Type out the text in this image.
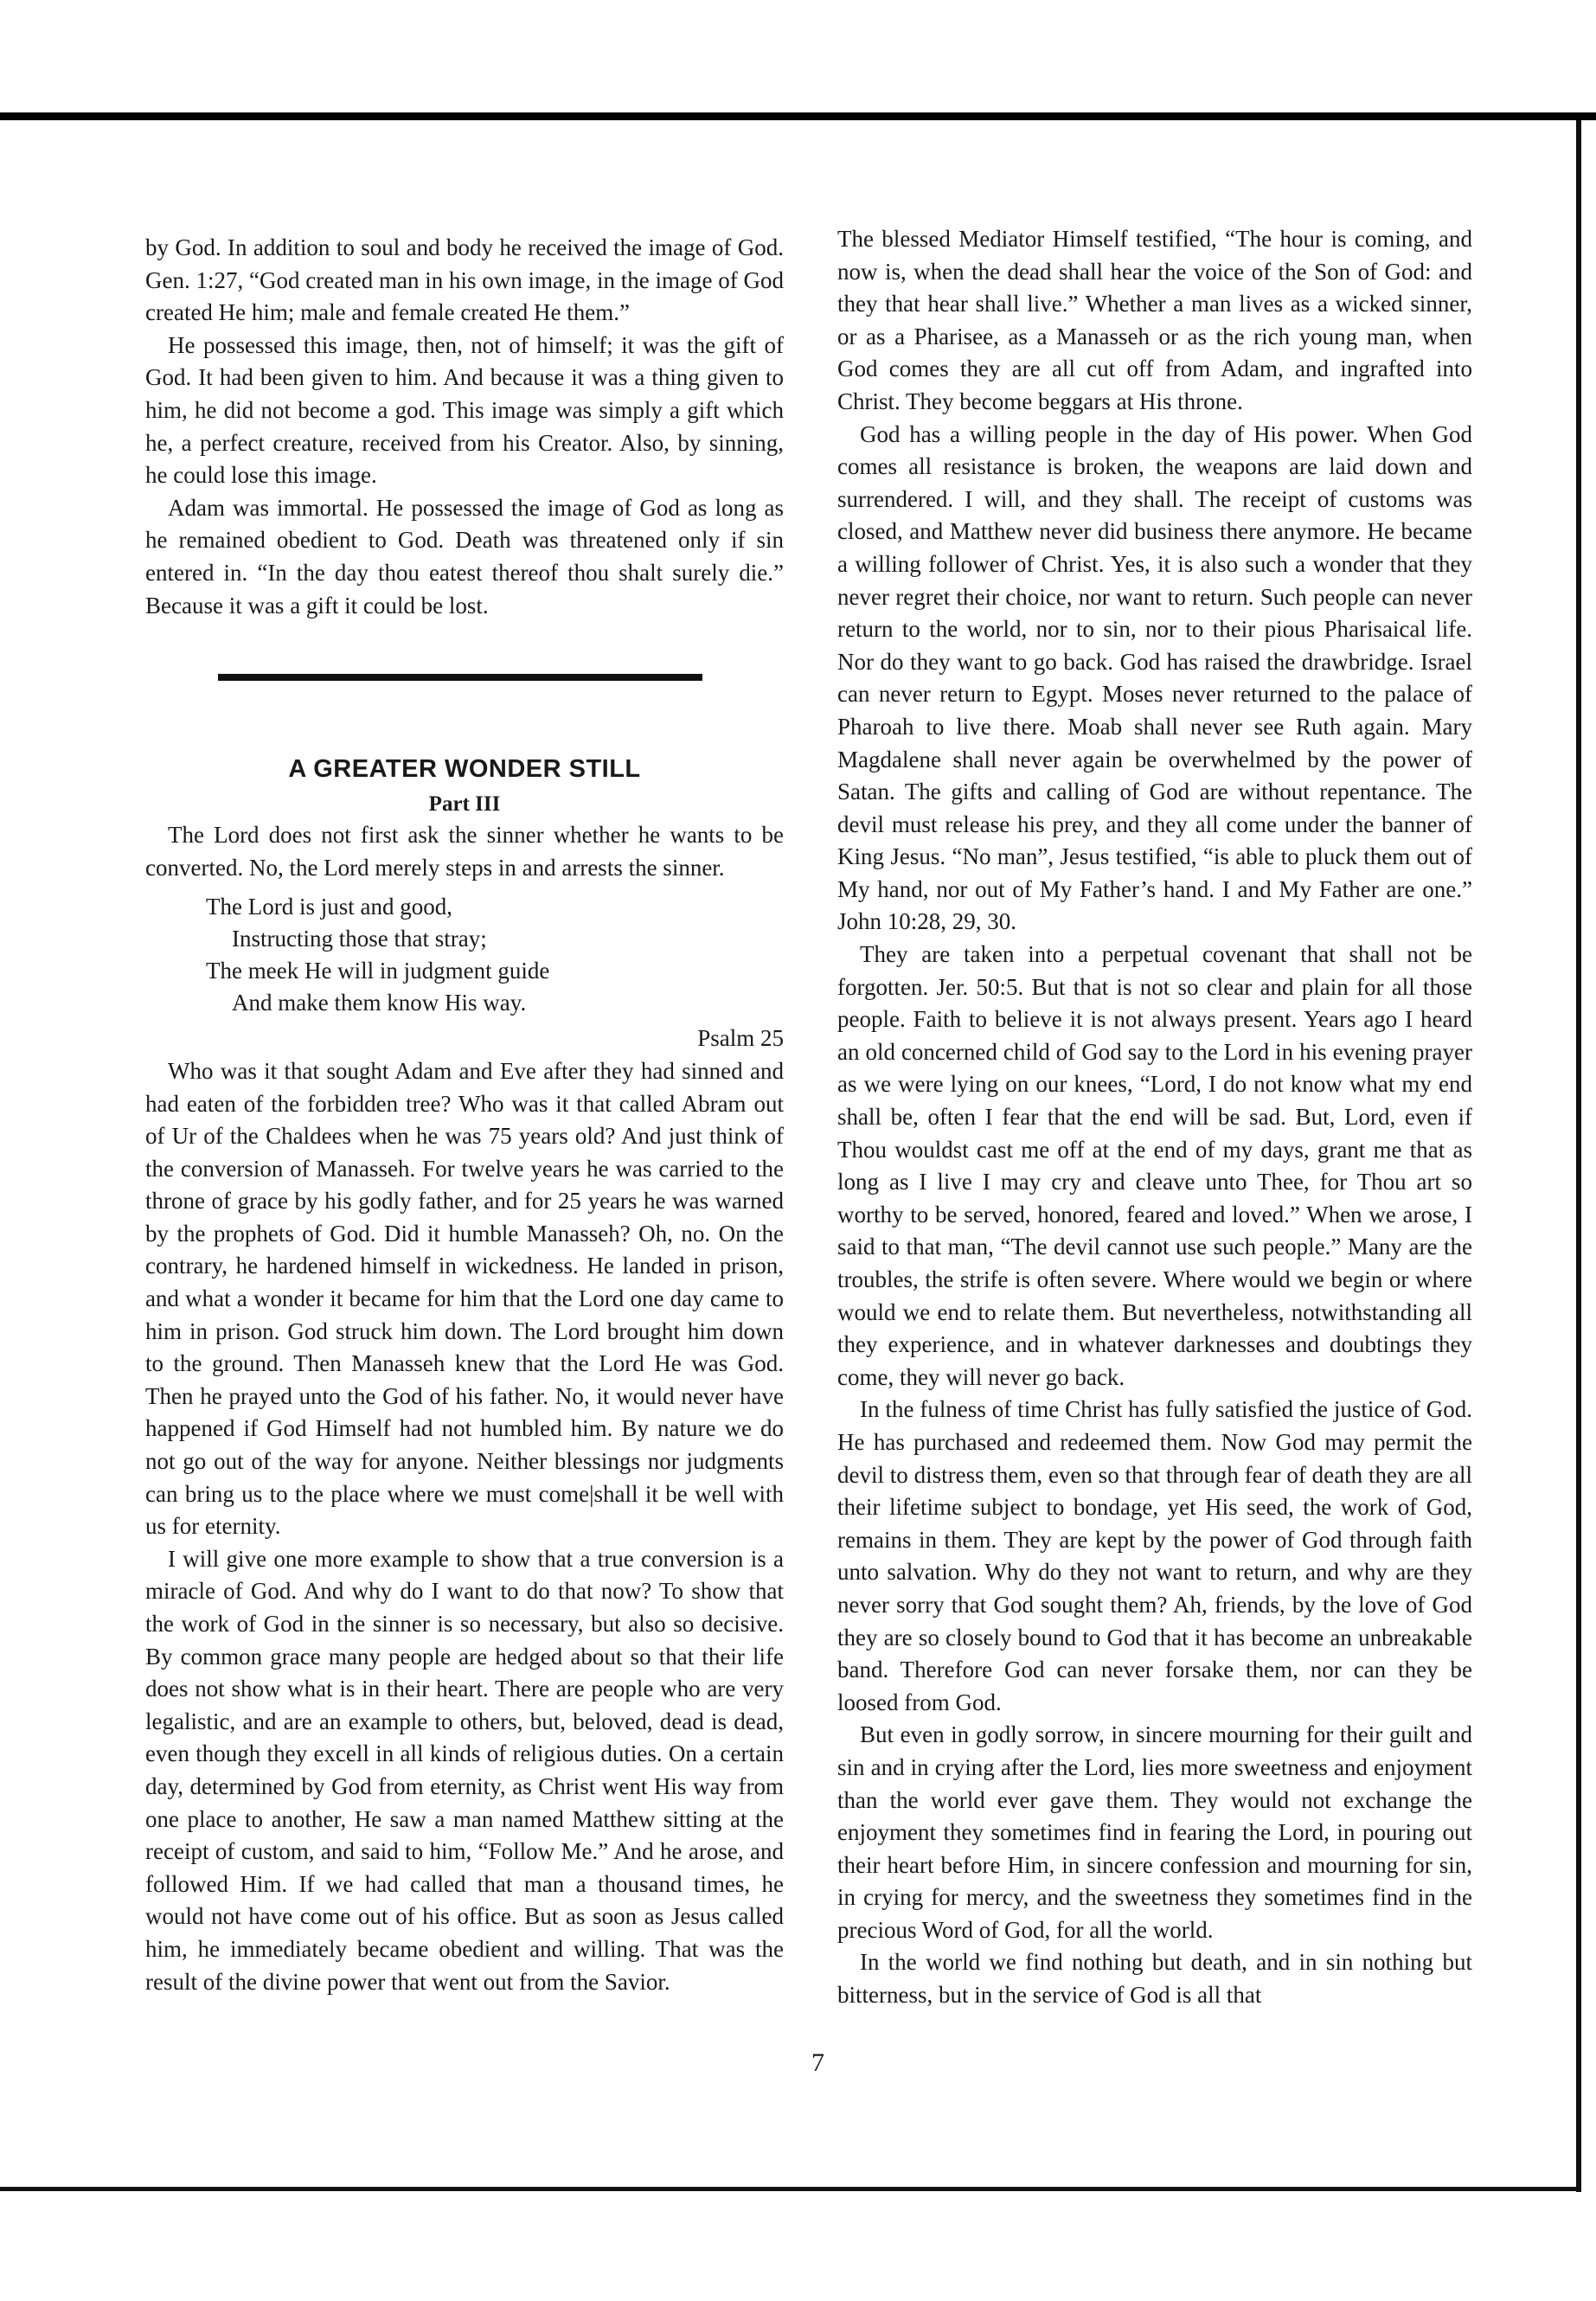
by God. In addition to soul and body he received the image of God. Gen. 1:27, “God created man in his own image, in the image of God created He him; male and female created He them.”

He possessed this image, then, not of himself; it was the gift of God. It had been given to him. And because it was a thing given to him, he did not become a god. This image was simply a gift which he, a perfect creature, received from his Creator. Also, by sinning, he could lose this image.

Adam was immortal. He possessed the image of God as long as he remained obedient to God. Death was threatened only if sin entered in. “In the day thou eatest thereof thou shalt surely die.” Because it was a gift it could be lost.

A GREATER WONDER STILL

Part III

The Lord does not first ask the sinner whether he wants to be converted. No, the Lord merely steps in and arrests the sinner.

The Lord is just and good,
Instructing those that stray;
The meek He will in judgment guide
And make them know His way.

Psalm 25

Who was it that sought Adam and Eve after they had sinned and had eaten of the forbidden tree? Who was it that called Abram out of Ur of the Chaldees when he was 75 years old? And just think of the conversion of Manasseh. For twelve years he was carried to the throne of grace by his godly father, and for 25 years he was warned by the prophets of God. Did it humble Manasseh? Oh, no. On the contrary, he hardened himself in wickedness. He landed in prison, and what a wonder it became for him that the Lord one day came to him in prison. God struck him down. The Lord brought him down to the ground. Then Manasseh knew that the Lord He was God. Then he prayed unto the God of his father. No, it would never have happened if God Himself had not humbled him. By nature we do not go out of the way for anyone. Neither blessings nor judgments can bring us to the place where we must come|shall it be well with us for eternity.

I will give one more example to show that a true conversion is a miracle of God. And why do I want to do that now? To show that the work of God in the sinner is so necessary, but also so decisive. By common grace many people are hedged about so that their life does not show what is in their heart. There are people who are very legalistic, and are an example to others, but, beloved, dead is dead, even though they excell in all kinds of religious duties. On a certain day, determined by God from eternity, as Christ went His way from one place to another, He saw a man named Matthew sitting at the receipt of custom, and said to him, “Follow Me.” And he arose, and followed Him. If we had called that man a thousand times, he would not have come out of his office. But as soon as Jesus called him, he immediately became obedient and willing. That was the result of the divine power that went out from the Savior.

The blessed Mediator Himself testified, “The hour is coming, and now is, when the dead shall hear the voice of the Son of God: and they that hear shall live.” Whether a man lives as a wicked sinner, or as a Pharisee, as a Manasseh or as the rich young man, when God comes they are all cut off from Adam, and ingrafted into Christ. They become beggars at His throne.

God has a willing people in the day of His power. When God comes all resistance is broken, the weapons are laid down and surrendered. I will, and they shall. The receipt of customs was closed, and Matthew never did business there anymore. He became a willing follower of Christ. Yes, it is also such a wonder that they never regret their choice, nor want to return. Such people can never return to the world, nor to sin, nor to their pious Pharisaical life. Nor do they want to go back. God has raised the drawbridge. Israel can never return to Egypt. Moses never returned to the palace of Pharoah to live there. Moab shall never see Ruth again. Mary Magdalene shall never again be overwhelmed by the power of Satan. The gifts and calling of God are without repentance. The devil must release his prey, and they all come under the banner of King Jesus. “No man”, Jesus testified, “is able to pluck them out of My hand, nor out of My Father’s hand. I and My Father are one.” John 10:28, 29, 30.

They are taken into a perpetual covenant that shall not be forgotten. Jer. 50:5. But that is not so clear and plain for all those people. Faith to believe it is not always present. Years ago I heard an old concerned child of God say to the Lord in his evening prayer as we were lying on our knees, “Lord, I do not know what my end shall be, often I fear that the end will be sad. But, Lord, even if Thou wouldst cast me off at the end of my days, grant me that as long as I live I may cry and cleave unto Thee, for Thou art so worthy to be served, honored, feared and loved.” When we arose, I said to that man, “The devil cannot use such people.” Many are the troubles, the strife is often severe. Where would we begin or where would we end to relate them. But nevertheless, notwithstanding all they experience, and in whatever darknesses and doubtings they come, they will never go back.

In the fulness of time Christ has fully satisfied the justice of God. He has purchased and redeemed them. Now God may permit the devil to distress them, even so that through fear of death they are all their lifetime subject to bondage, yet His seed, the work of God, remains in them. They are kept by the power of God through faith unto salvation. Why do they not want to return, and why are they never sorry that God sought them? Ah, friends, by the love of God they are so closely bound to God that it has become an unbreakable band. Therefore God can never forsake them, nor can they be loosed from God.

But even in godly sorrow, in sincere mourning for their guilt and sin and in crying after the Lord, lies more sweetness and enjoyment than the world ever gave them. They would not exchange the enjoyment they sometimes find in fearing the Lord, in pouring out their heart before Him, in sincere confession and mourning for sin, in crying for mercy, and the sweetness they sometimes find in the precious Word of God, for all the world.

In the world we find nothing but death, and in sin nothing but bitterness, but in the service of God is all that

7
